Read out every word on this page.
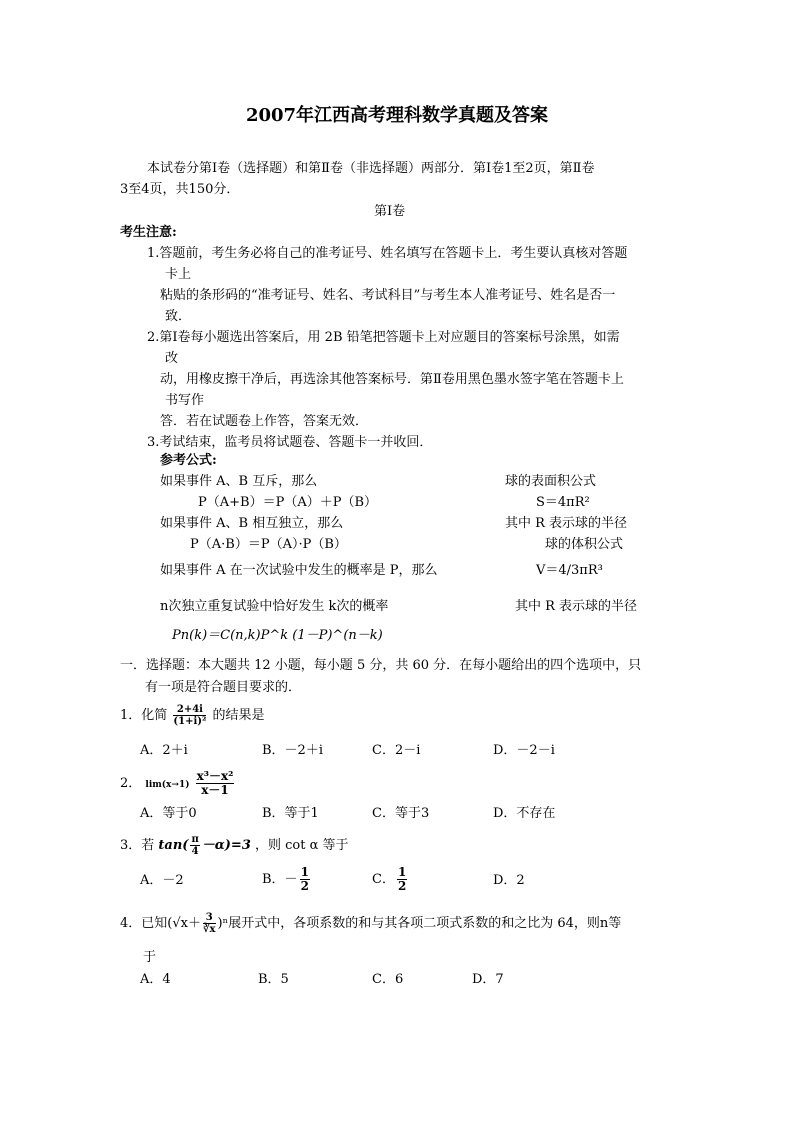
2007年江西高考理科数学真题及答案
本试卷分第Ⅰ卷（选择题）和第Ⅱ卷（非选择题）两部分．第Ⅰ卷1至2页，第Ⅱ卷
3至4页，共150分．
第Ⅰ卷
考生注意:
1.答题前，考生务必将自己的准考证号、姓名填写在答题卡上．考生要认真核对答题
卡上
粘贴的条形码的“准考证号、姓名、考试科目”与考生本人准考证号、姓名是否一
致．
2.第Ⅰ卷每小题选出答案后，用 2B 铅笔把答题卡上对应题目的答案标号涂黑，如需
改
动，用橡皮擦干净后，再选涂其他答案标号．第Ⅱ卷用黑色墨水签字笔在答题卡上
书写作
答．若在试题卷上作答，答案无效．
3.考试结束，监考员将试题卷、答题卡一并收回．
参考公式:
如果事件 A、B 互斥，那么
P（A+B）＝P（A）＋P（B）
如果事件 A、B 相互独立，那么
P（A·B）＝P（A）·P（B）
如果事件 A 在一次试验中发生的概率是 P，那么
n次独立重复试验中恰好发生 k次的概率
Pn(k)＝C(n,k)P^k (1－P)^(n－k)
球的表面积公式
S＝4πR²
其中 R 表示球的半径
球的体积公式
V＝4/3πR³
其中 R 表示球的半径
一．选择题：本大题共 12 小题，每小题 5 分，共 60 分．在每小题给出的四个选项中，只
有一项是符合题目要求的．
1．化简 $\frac{2+4i}{\text{(1+i)²}}$ 的结果是
A．2＋i	B．－2＋i	C．2－i	D．－2－i
2． $\lim(x\to 1) \frac{\text{x³－x²}}{x-1}$
A．等于0	B．等于1	C．等于3	D．不存在
3．若 $\tan( \frac{\pi}{4} -\alpha)=3$ ，则 cot α 等于
A．－2	B．－ $\frac{1}{2}$	C． $\frac{1}{2}$	D．2
4．已知$(√x+ \frac{3}{∛x} )^n$展开式中，各项系数的和与其各项二项式系数的和之比为 64，则n等
于
A．4	B．5	C．6	D．7
